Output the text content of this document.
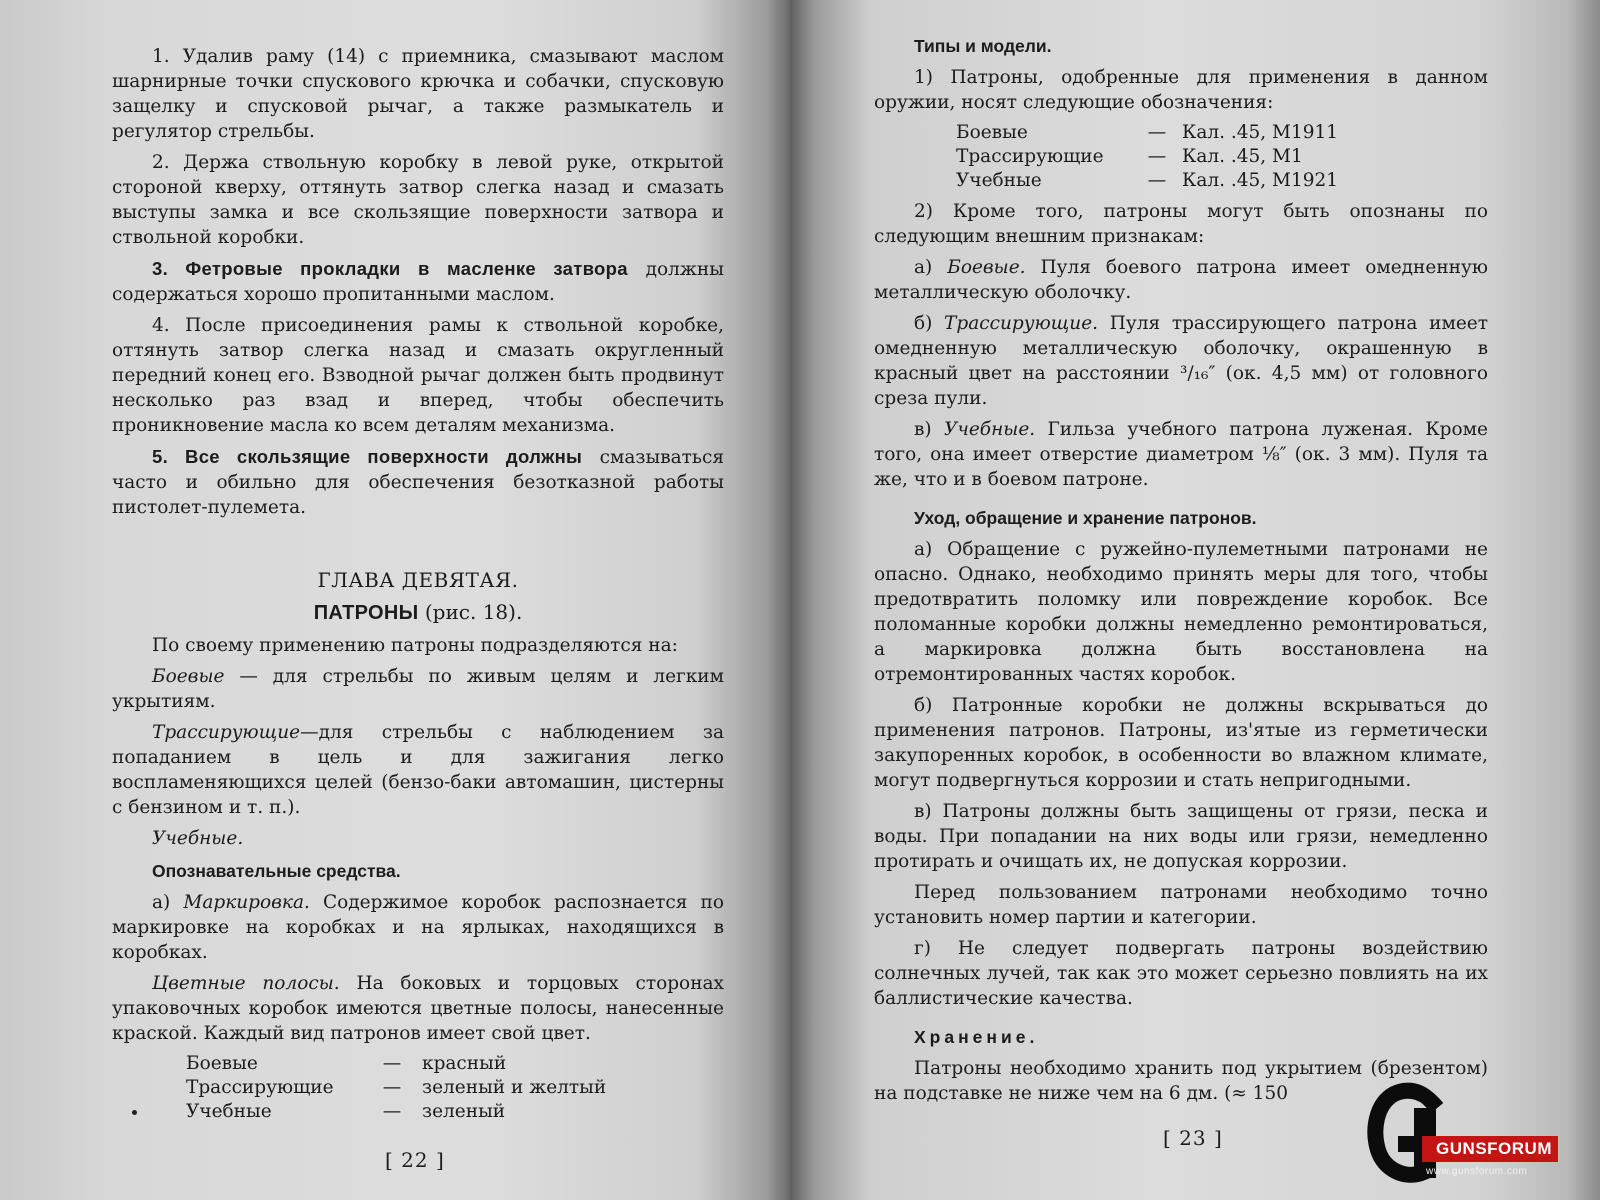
1. Удалив раму (14) с приемника, смазывают маслом шарнирные точки спускового крючка и собачки, спусковую защелку и спусковой рычаг, а также размыкатель и регулятор стрельбы.

2. Держа ствольную коробку в левой руке, открытой стороной кверху, оттянуть затвор слегка назад и смазать выступы замка и все скользящие поверхности затвора и ствольной коробки.

3. Фетровые прокладки в масленке затвора должны содержаться хорошо пропитанными маслом.

4. После присоединения рамы к ствольной коробке, оттянуть затвор слегка назад и смазать округленный передний конец его. Взводной рычаг должен быть продвинут несколько раз взад и вперед, чтобы обеспечить проникновение масла ко всем деталям механизма.

5. Все скользящие поверхности должны смазываться часто и обильно для обеспечения безотказной работы пистолет-пулемета.

ГЛАВА ДЕВЯТАЯ.
ПАТРОНЫ (рис. 18).

По своему применению патроны подразделяются на:

Боевые — для стрельбы по живым целям и легким укрытиям.

Трассирующие—для стрельбы с наблюдением за попаданием в цель и для зажигания легко воспламеняющихся целей (бензо-баки автомашин, цистерны с бензином и т. п.).

Учебные.

Опознавательные средства.

а) Маркировка. Содержимое коробок распознается по маркировке на коробках и на ярлыках, находящихся в коробках.

Цветные полосы. На боковых и торцовых сторонах упаковочных коробок имеются цветные полосы, нанесенные краской. Каждый вид патронов имеет свой цвет.

Боевые	—	красный
Трассирующие	—	зеленый и желтый
Учебные	—	зеленый
[ 22 ]
Типы и модели.

1) Патроны, одобренные для применения в данном оружии, носят следующие обозначения:

Боевые	— Кал. .45, М1911
Трассирующие	— Кал. .45, М1
Учебные	— Кал. .45, М1921

2) Кроме того, патроны могут быть опознаны по следующим внешним признакам:

а) Боевые. Пуля боевого патрона имеет омедненную металлическую оболочку.

б) Трассирующие. Пуля трассирующего патрона имеет омедненную металлическую оболочку, окрашенную в красный цвет на расстоянии ³/₁₆″ (ок. 4,5 мм) от головного среза пули.

в) Учебные. Гильза учебного патрона луженая. Кроме того, она имеет отверстие диаметром ⅛″ (ок. 3 мм). Пуля та же, что и в боевом патроне.

Уход, обращение и хранение патронов.

а) Обращение с ружейно-пулеметными патронами не опасно. Однако, необходимо принять меры для того, чтобы предотвратить поломку или повреждение коробок. Все поломанные коробки должны немедленно ремонтироваться, а маркировка должна быть восстановлена на отремонтированных частях коробок.

б) Патронные коробки не должны вскрываться до применения патронов. Патроны, из'ятые из герметически закупоренных коробок, в особенности во влажном климате, могут подвергнуться коррозии и стать непригодными.

в) Патроны должны быть защищены от грязи, песка и воды. При попадании на них воды или грязи, немедленно протирать и очищать их, не допуская коррозии.

Перед пользованием патронами необходимо точно установить номер партии и категории.

г) Не следует подвергать патроны воздействию солнечных лучей, так как это может серьезно повлиять на их баллистические качества.

Хранение.

Патроны необходимо хранить под укрытием (брезентом) на подставке не ниже чем на 6 дм. (≈ 150

[ 23 ]	GUNSFORUM
www.gunsforum.com
